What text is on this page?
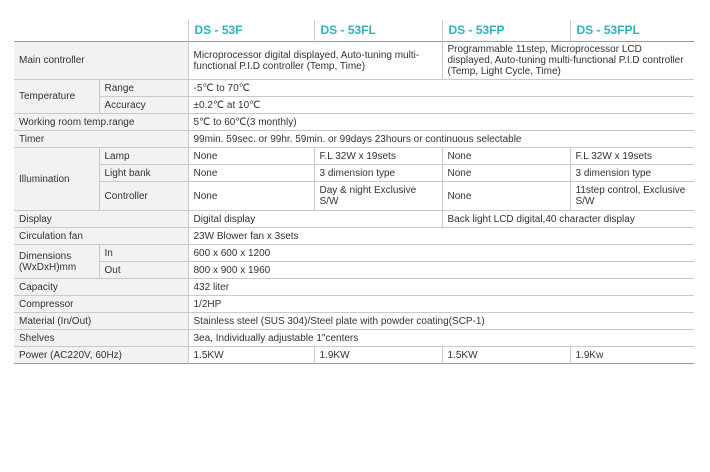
		DS - 53F	DS - 53FL	DS - 53FP	DS - 53FPL
Main controller		Microprocessor digital displayed, Auto-tuning multi-functional P.I.D controller (Temp, Time)		Programmable 11step, Microprocessor LCD displayed, Auto-tuning multi-functional P.I.D controller (Temp, Light Cycle, Time)	
Temperature	Range	-5℃ to 70℃			
	Accuracy	±0.2℃ at 10℃			
Working room temp.range		5℃ to 60℃(3 monthly)			
Timer		99min. 59sec. or 99hr. 59min. or 99days 23hours or continuous selectable			
Illumination	Lamp	None	F.L 32W x 19sets	None	F.L 32W x 19sets
	Light bank	None	3 dimension type	None	3 dimension type
	Controller	None	Day & night Exclusive S/W	None	11step control, Exclusive S/W
Display		Digital display		Back light LCD digital,40 character display	
Circulation fan		23W Blower fan x 3sets			
Dimensions (WxDxH)mm	In	600 x 600 x 1200			
	Out	800 x 900 x 1960			
Capacity		432 liter			
Compressor		1/2HP			
Material (In/Out)		Stainless steel (SUS 304)/Steel plate with powder coating(SCP-1)			
Shelves		3ea, Individually adjustable 1"centers			
Power (AC220V, 60Hz)		1.5KW	1.9KW	1.5KW	1.9Kw
